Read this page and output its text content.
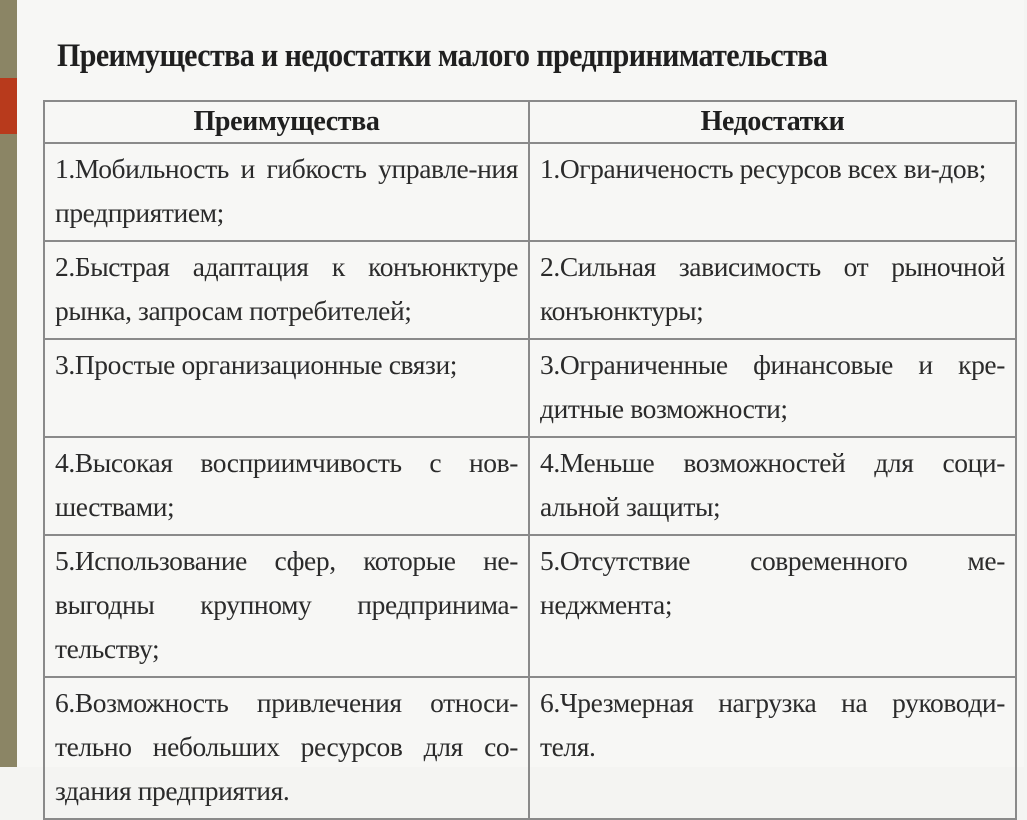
Преимущества и недостатки малого предпринимательства
Преимущества	Недостатки
1.Мобильность и гибкость управле-ния предприятием;	1.Ограниченость ресурсов всех ви-дов;
2.Быстрая адаптация к конъюнктуре рынка, запросам потребителей;	2.Сильная зависимость от рыночной конъюнктуры;
3.Простые организационные связи;	3.Ограниченные финансовые и кре-дитные возможности;
4.Высокая восприимчивость с нов-шествами;	4.Меньше возможностей для соци-альной защиты;
5.Использование сфер, которые не-выгодны крупному предпринима-тельству;	5.Отсутствие современного ме-неджмента;
6.Возможность привлечения относи-тельно небольших ресурсов для со-здания предприятия.	6.Чрезмерная нагрузка на руководи-теля.
